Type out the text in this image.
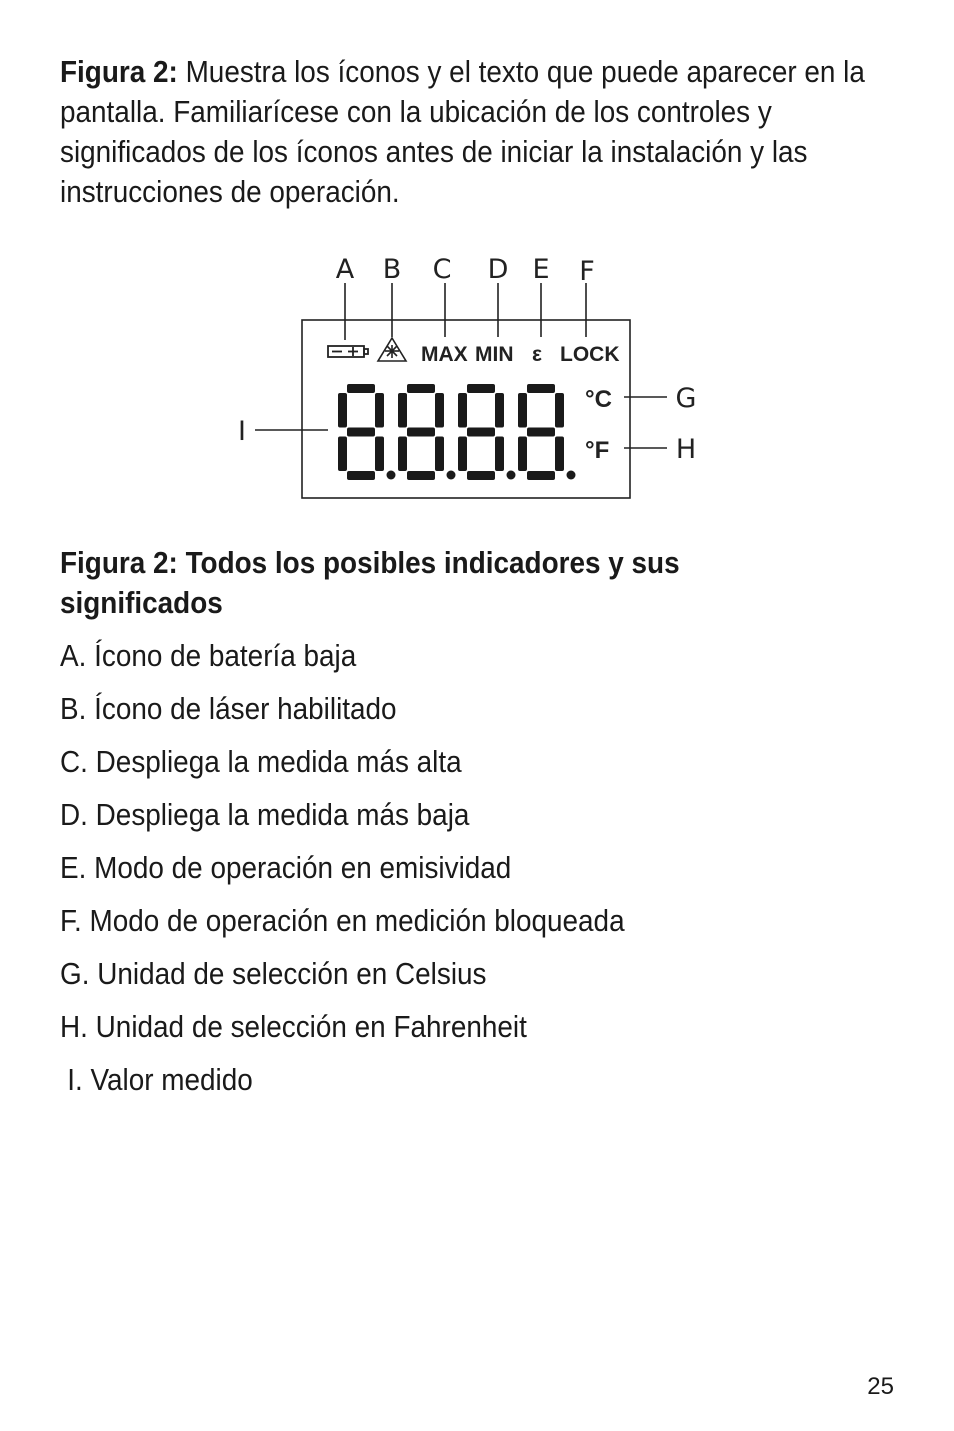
Figura 2: Muestra los íconos y el texto que puede aparecer en la pantalla. Familiarícese con la ubicación de los controles y significados de los íconos antes de iniciar la instalación y las instrucciones de operación.

A B C D E F
G
H
I
MAX MIN ε LOCK
°C
°F

Figura 2: Todos los posibles indicadores y sus significados

A. Ícono de batería baja
B. Ícono de láser habilitado
C. Despliega la medida más alta
D. Despliega la medida más baja
E. Modo de operación en emisividad
F. Modo de operación en medición bloqueada
G. Unidad de selección en Celsius
H. Unidad de selección en Fahrenheit
I. Valor medido
25
